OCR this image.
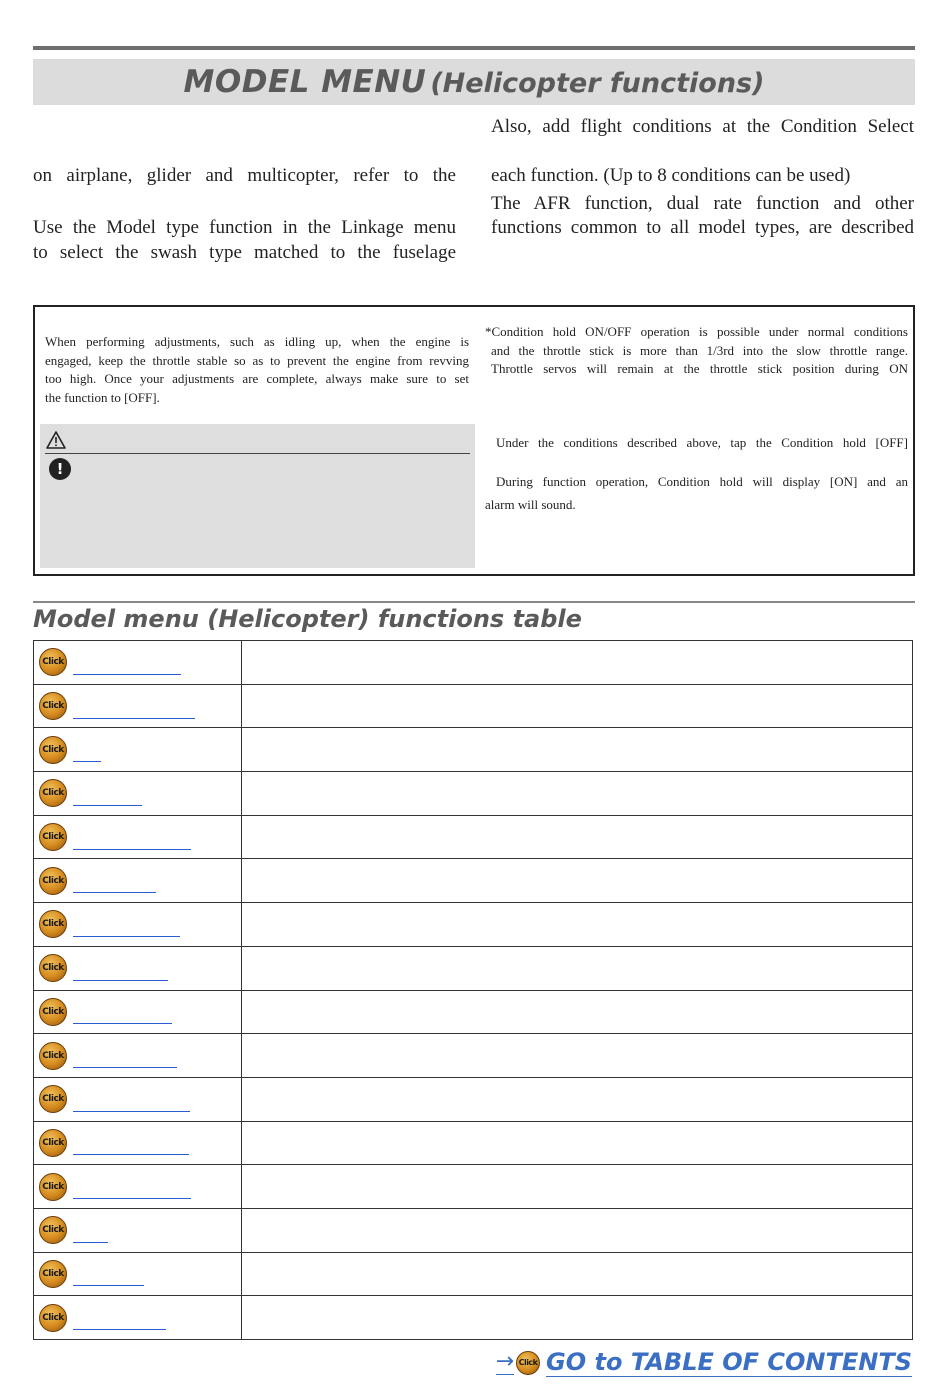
MODEL MENU (Helicopter functions)
Also, add flight conditions at the Condition Select
on airplane, glider and multicopter, refer to the each function. (Up to 8 conditions can be used)
The AFR function, dual rate function and other
Use the Model type function in the Linkage menu functions common to all model types, are described
to select the swash type matched to the fuselage
When performing adjustments, such as idling up, when the engine is
engaged, keep the throttle stable so as to prevent the engine from revving
too high. Once your adjustments are complete, always make sure to set
the function to [OFF].
!
*Condition hold ON/OFF operation is possible under normal conditions
and the throttle stick is more than 1/3rd into the slow throttle range.
Throttle servos will remain at the throttle stick position during ON
Under the conditions described above, tap the Condition hold [OFF]
During function operation, Condition hold will display [ON] and an
alarm will sound.
Model menu (Helicopter) functions table
Click	

Click	

Click	

Click	

Click	

Click	

Click	

Click	

Click	

Click	

Click	

Click	

Click	

Click	

Click	

Click	

→ Click GO to TABLE OF CONTENTS
